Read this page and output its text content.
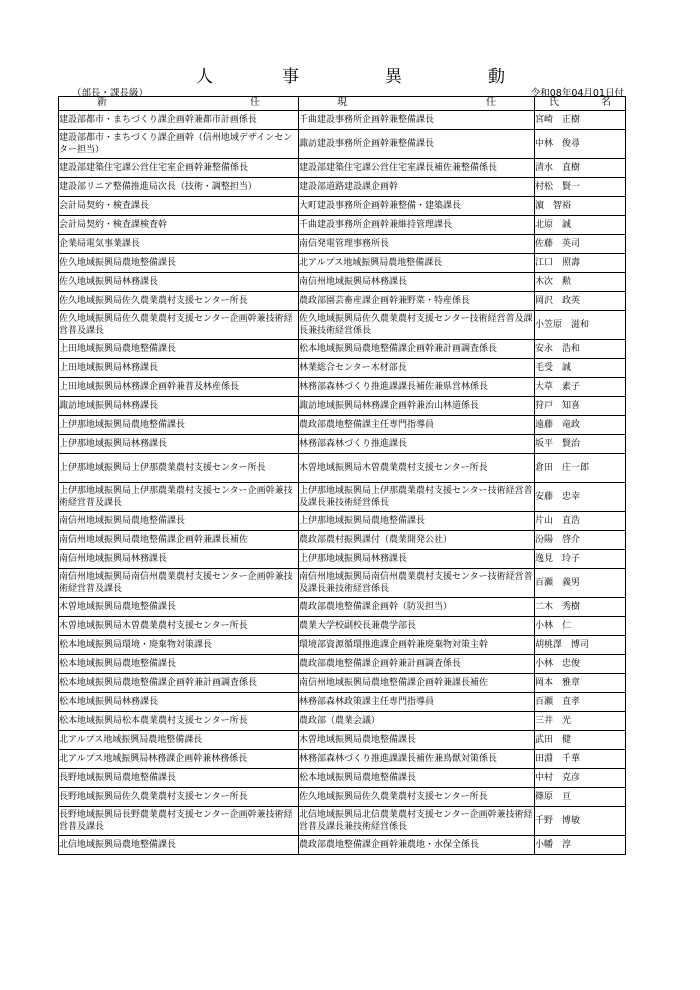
人	事	異	動
（部長・課長級）	令和08年04月01日付
新 任	現 任	氏 名

建設部都市・まちづくり課企画幹兼都市計画係長	千曲建設事務所企画幹兼整備課長	宮崎　正樹
建設部都市・まちづくり課企画幹（信州地域デザインセンター担当）	諏訪建設事務所企画幹兼整備課長	中林　俊尋
建設部建築住宅課公営住宅室企画幹兼整備係長	建設部建築住宅課公営住宅室課長補佐兼整備係長	清水　直樹
建設部リニア整備推進局次長（技術・調整担当）	建設部道路建設課企画幹	村松　賢一
会計局契約・検査課長	大町建設事務所企画幹兼整備・建築課長	濵　智裕
会計局契約・検査課検査幹	千曲建設事務所企画幹兼維持管理課長	北原　誠
企業局電気事業課長	南信発電管理事務所長	佐藤　英司
佐久地域振興局農地整備課長	北アルプス地域振興局農地整備課長	江口　照壽
佐久地域振興局林務課長	南信州地域振興局林務課長	木次　勲
佐久地域振興局佐久農業農村支援センター所長	農政部園芸畜産課企画幹兼野菜・特産係長	岡沢　政英
佐久地域振興局佐久農業農村支援センター企画幹兼技術経営普及課長	佐久地域振興局佐久農業農村支援センター技術経営普及課長兼技術経営係長	小笠原　滋和
上田地域振興局農地整備課長	松本地域振興局農地整備課企画幹兼計画調査係長	安永　浩和
上田地域振興局林務課長	林業総合センター木材部長	毛受　誠
上田地域振興局林務課企画幹兼普及林産係長	林務部森林づくり推進課課長補佐兼県営林係長	大草　素子
諏訪地域振興局林務課長	諏訪地域振興局林務課企画幹兼治山林道係長	狩戸　知喜
上伊那地域振興局農地整備課長	農政部農地整備課主任専門指導員	遠藤　竜政
上伊那地域振興局林務課長	林務部森林づくり推進課長	坂平　賢治
上伊那地域振興局上伊那農業農村支援センター所長	木曽地域振興局木曽農業農村支援センター所長	倉田　庄一郎
上伊那地域振興局上伊那農業農村支援センター企画幹兼技術経営普及課長	上伊那地域振興局上伊那農業農村支援センター技術経営普及課長兼技術経営係長	安藤　忠幸
南信州地域振興局農地整備課長	上伊那地域振興局農地整備課長	片山　直浩
南信州地域振興局農地整備課企画幹兼課長補佐	農政部農村振興課付（農業開発公社）	汾陽　啓介
南信州地域振興局林務課長	上伊那地域振興局林務課長	逸見　玲子
南信州地域振興局南信州農業農村支援センター企画幹兼技術経営普及課長	南信州地域振興局南信州農業農村支援センター技術経営普及課長兼技術経営係長	百瀬　義男
木曽地域振興局農地整備課長	農政部農地整備課企画幹（防災担当）	二木　秀樹
木曽地域振興局木曽農業農村支援センター所長	農業大学校副校長兼農学部長	小林　仁
松本地域振興局環境・廃棄物対策課長	環境部資源循環推進課企画幹兼廃棄物対策主幹	胡桃澤　博司
松本地域振興局農地整備課長	農政部農地整備課企画幹兼計画調査係長	小林　忠俊
松本地域振興局農地整備課企画幹兼計画調査係長	南信州地域振興局農地整備課企画幹兼課長補佐	岡本　雅章
松本地域振興局林務課長	林務部森林政策課主任専門指導員	百瀬　直孝
松本地域振興局松本農業農村支援センター所長	農政部（農業会議）	三井　光
北アルプス地域振興局農地整備課長	木曽地域振興局農地整備課長	武田　健
北アルプス地域振興局林務課企画幹兼林務係長	林務部森林づくり推進課課長補佐兼鳥獣対策係長	田淵　千華
長野地域振興局農地整備課長	松本地域振興局農地整備課長	中村　克彦
長野地域振興局佐久農業農村支援センター所長	佐久地域振興局佐久農業農村支援センター所長	篠原　亘
長野地域振興局長野農業農村支援センター企画幹兼技術経営普及課長	北信地域振興局北信農業農村支援センター企画幹兼技術経営普及課長兼技術経営係長	千野　博敏
北信地域振興局農地整備課長	農政部農地整備課企画幹兼農地・水保全係長	小幡　淳
